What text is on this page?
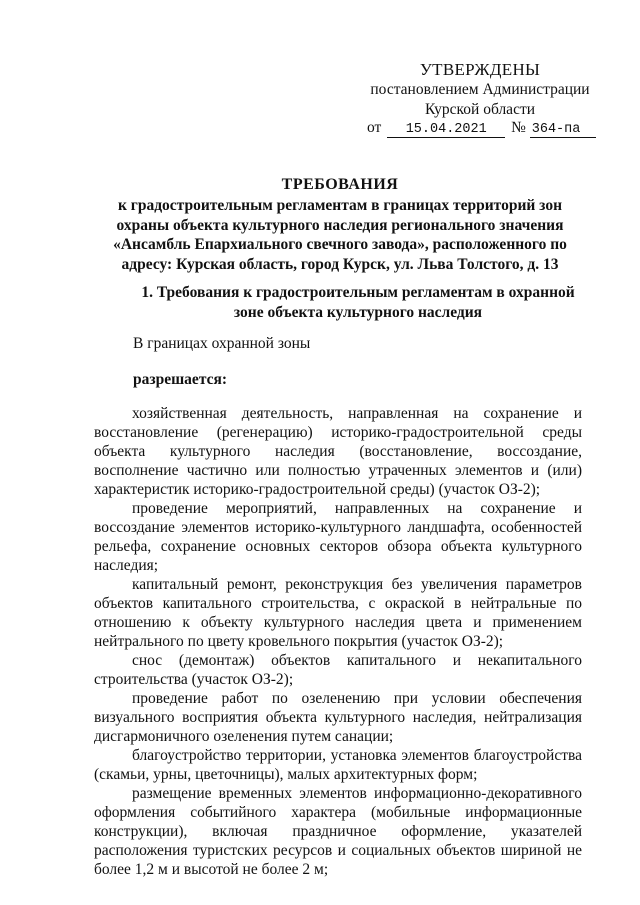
УТВЕРЖДЕНЫ
постановлением Администрации
Курской области
от 15.04.2021 № 364-па
ТРЕБОВАНИЯ
к градостроительным регламентам в границах территорий зон охраны объекта культурного наследия регионального значения «Ансамбль Епархиального свечного завода», расположенного по адресу: Курская область, город Курск, ул. Льва Толстого, д. 13
1. Требования к градостроительным регламентам в охранной зоне объекта культурного наследия
В границах охранной зоны
разрешается:

хозяйственная деятельность, направленная на сохранение и восстановление (регенерацию) историко-градостроительной среды объекта культурного наследия (восстановление, воссоздание, восполнение частично или полностью утраченных элементов и (или) характеристик историко-градостроительной среды) (участок ОЗ-2);

проведение мероприятий, направленных на сохранение и воссоздание элементов историко-культурного ландшафта, особенностей рельефа, сохранение основных секторов обзора объекта культурного наследия;

капитальный ремонт, реконструкция без увеличения параметров объектов капитального строительства, с окраской в нейтральные по отношению к объекту культурного наследия цвета и применением нейтрального по цвету кровельного покрытия (участок ОЗ-2);

снос (демонтаж) объектов капитального и некапитального строительства (участок ОЗ-2);

проведение работ по озеленению при условии обеспечения визуального восприятия объекта культурного наследия, нейтрализация дисгармоничного озеленения путем санации;

благоустройство территории, установка элементов благоустройства (скамьи, урны, цветочницы), малых архитектурных форм;

размещение временных элементов информационно-декоративного оформления событийного характера (мобильные информационные конструкции), включая праздничное оформление, указателей расположения туристских ресурсов и социальных объектов шириной не более 1,2 м и высотой не более 2 м;
